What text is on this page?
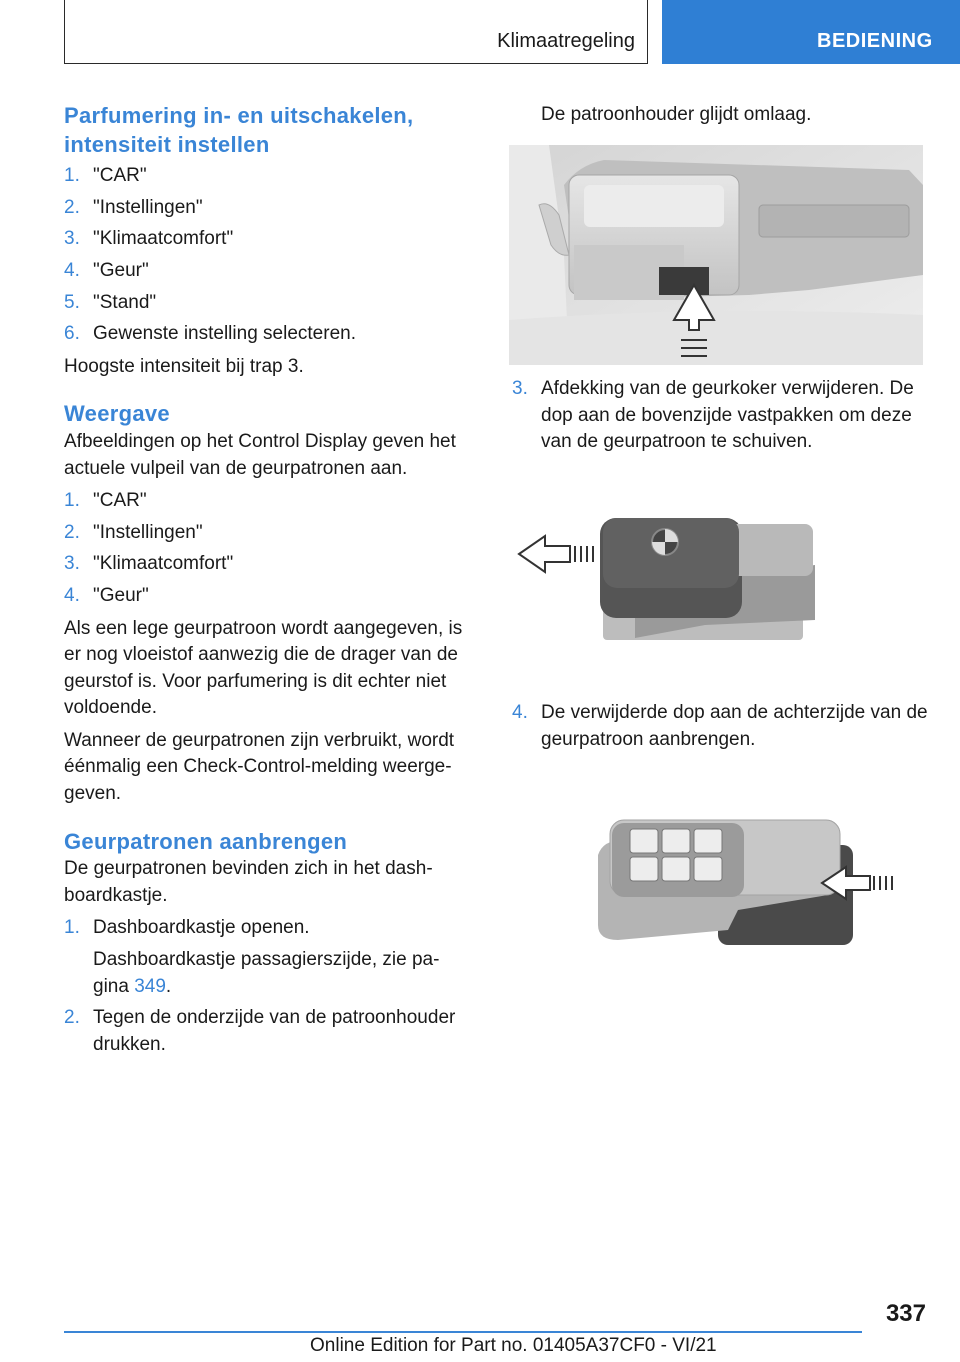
Klimaatregeling	BEDIENING
Parfumering in- en uitschakelen, intensiteit instellen
1. "CAR"
2. "Instellingen"
3. "Klimaatcomfort"
4. "Geur"
5. "Stand"
6. Gewenste instelling selecteren.

Hoogste intensiteit bij trap 3.

Weergave

Afbeeldingen op het Control Display geven het actuele vulpeil van de geurpatronen aan.

1. "CAR"
2. "Instellingen"
3. "Klimaatcomfort"
4. "Geur"

Als een lege geurpatroon wordt aangegeven, is er nog vloeistof aanwezig die de drager van de geurstof is. Voor parfumering is dit echter niet voldoende.

Wanneer de geurpatronen zijn verbruikt, wordt éénmalig een Check-Control-melding weergegeven.

Geurpatronen aanbrengen

De geurpatronen bevinden zich in het dashboardkastje.

1. Dashboardkastje openen.
Dashboardkastje passagierszijde, zie pagina 349.
2. Tegen de onderzijde van de patroonhouder drukken.
De patroonhouder glijdt omlaag.
3. Afdekking van de geurkoker verwijderen. De dop aan de bovenzijde vastpakken om deze van de geurpatroon te schuiven.
4. De verwijderde dop aan de achterzijde van de geurpatroon aanbrengen.
337
Online Edition for Part no. 01405A37CF0 - VI/21
